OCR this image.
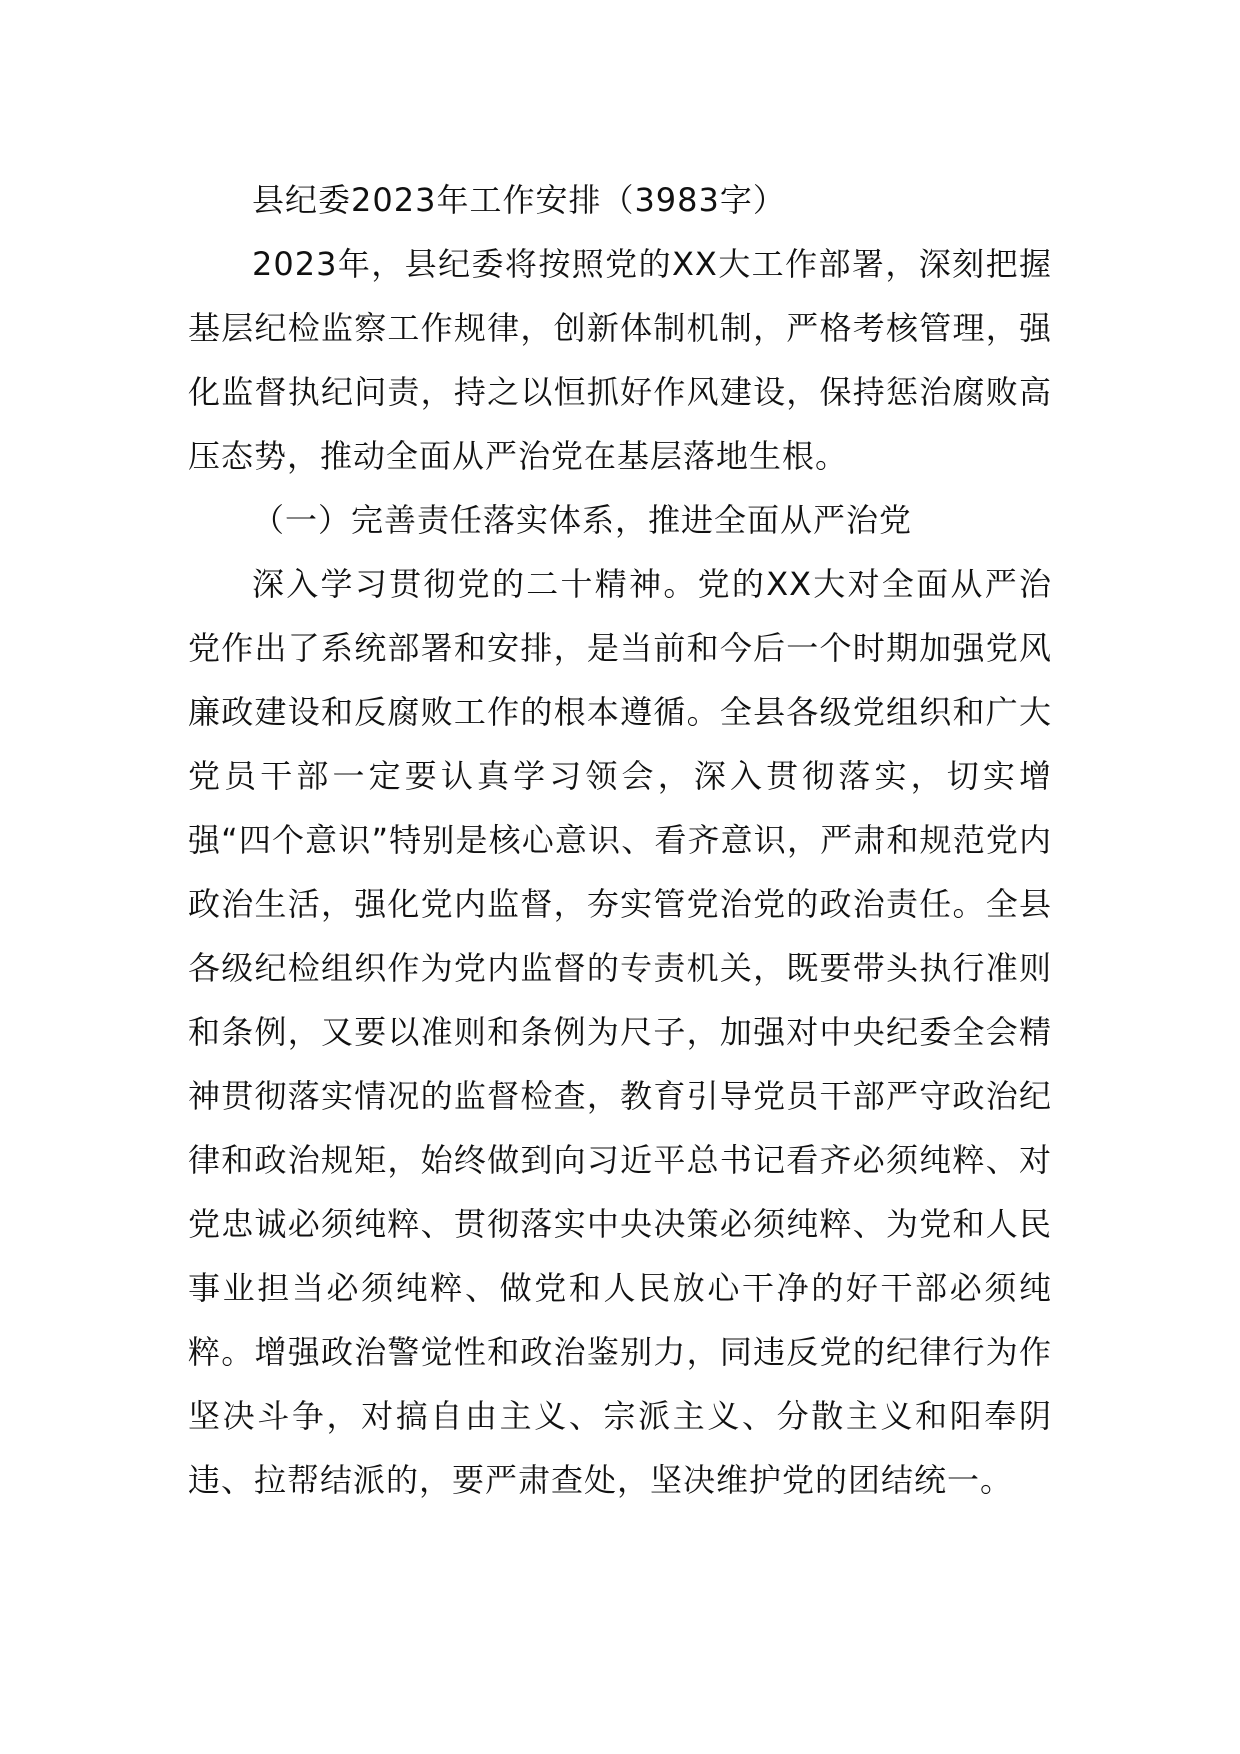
县纪委2023年工作安排（3983字）

2023年，县纪委将按照党的XX大工作部署，深刻把握基层纪检监察工作规律，创新体制机制，严格考核管理，强化监督执纪问责，持之以恒抓好作风建设，保持惩治腐败高压态势，推动全面从严治党在基层落地生根。

（一）完善责任落实体系，推进全面从严治党

深入学习贯彻党的二十精神。党的XX大对全面从严治党作出了系统部署和安排，是当前和今后一个时期加强党风廉政建设和反腐败工作的根本遵循。全县各级党组织和广大党员干部一定要认真学习领会，深入贯彻落实，切实增强“四个意识”特别是核心意识、看齐意识，严肃和规范党内政治生活，强化党内监督，夯实管党治党的政治责任。全县各级纪检组织作为党内监督的专责机关，既要带头执行准则和条例，又要以准则和条例为尺子，加强对中央纪委全会精神贯彻落实情况的监督检查，教育引导党员干部严守政治纪律和政治规矩，始终做到向习近平总书记看齐必须纯粹、对党忠诚必须纯粹、贯彻落实中央决策必须纯粹、为党和人民事业担当必须纯粹、做党和人民放心干净的好干部必须纯粹。增强政治警觉性和政治鉴别力，同违反党的纪律行为作坚决斗争，对搞自由主义、宗派主义、分散主义和阳奉阴违、拉帮结派的，要严肃查处，坚决维护党的团结统一。
